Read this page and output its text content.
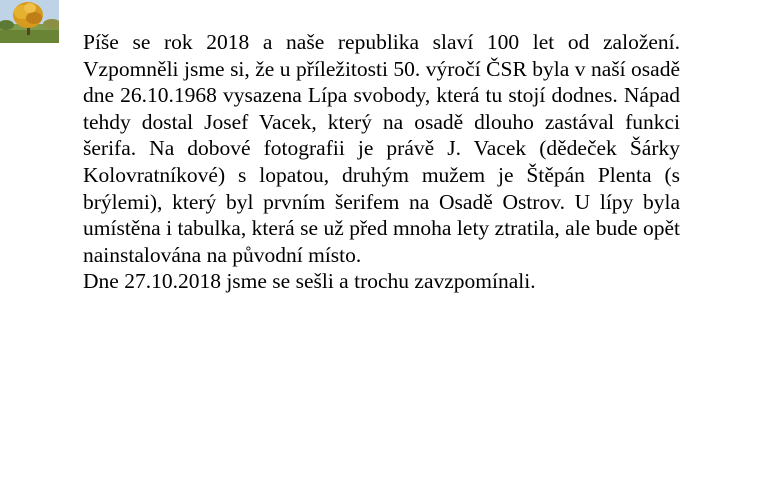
Píše se rok 2018 a naše republika slaví 100 let od založení. Vzpomněli jsme si, že u příležitosti 50. výročí ČSR byla v naší osadě dne 26.10.1968 vysazena Lípa svobody, která tu stojí dodnes. Nápad tehdy dostal Josef Vacek, který na osadě dlouho zastával funkci šerifa. Na dobové fotografii je právě J. Vacek (dědeček Šárky Kolovratníkové) s lopatou, druhým mužem je Štěpán Plenta (s brýlemi), který byl prvním šerifem na Osadě Ostrov. U lípy byla umístěna i tabulka, která se už před mnoha lety ztratila, ale bude opět nainstalována na původní místo.

Dne 27.10.2018 jsme se sešli a trochu zavzpomínali.
